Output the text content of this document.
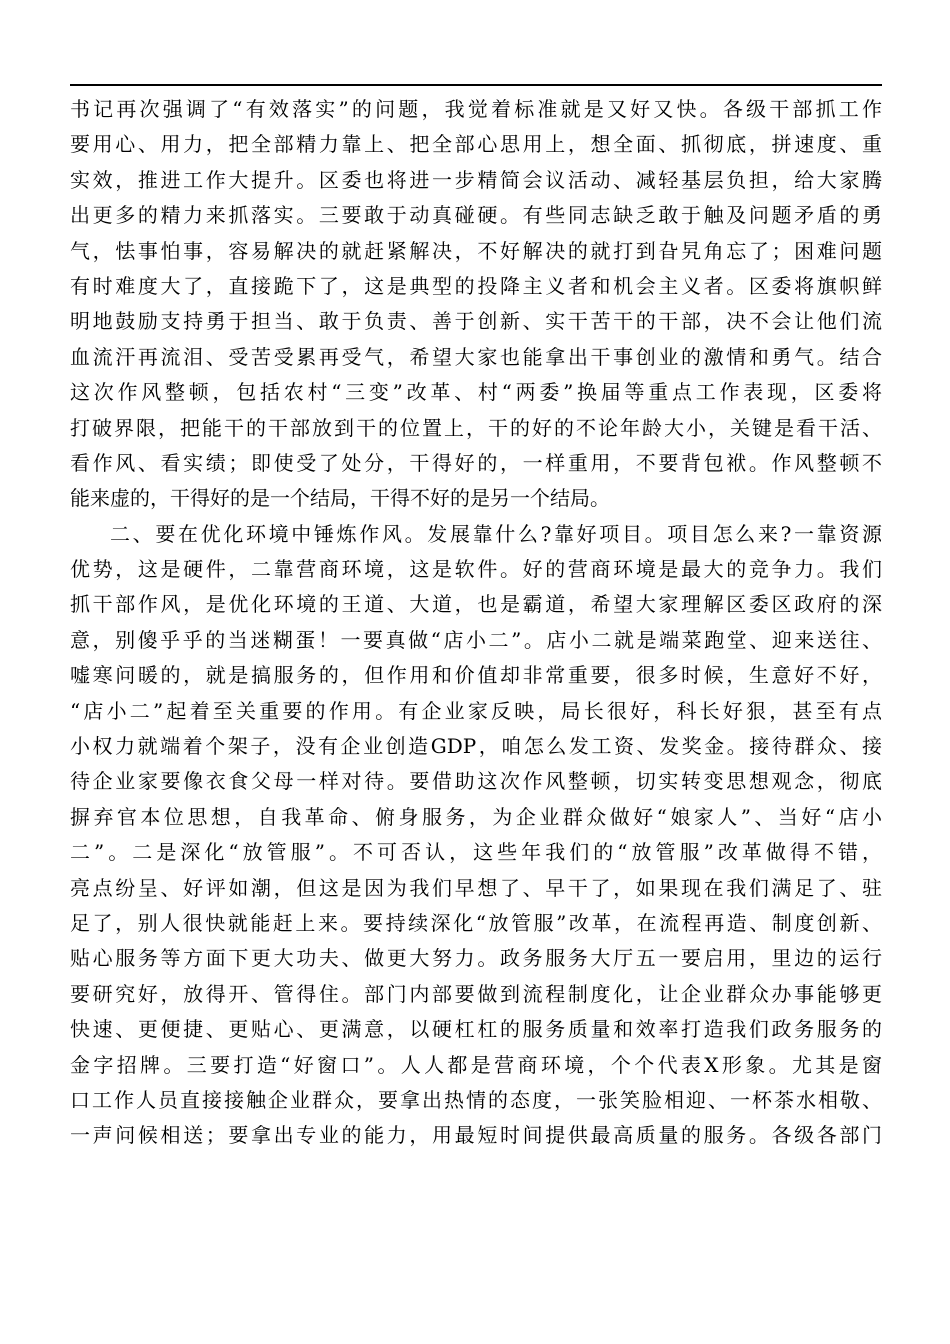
书记再次强调了“有效落实”的问题，我觉着标准就是又好又快。各级干部抓工作
要用心、用力，把全部精力靠上、把全部心思用上，想全面、抓彻底，拼速度、重
实效，推进工作大提升。区委也将进一步精简会议活动、减轻基层负担，给大家腾
出更多的精力来抓落实。三要敢于动真碰硬。有些同志缺乏敢于触及问题矛盾的勇
气，怯事怕事，容易解决的就赶紧解决，不好解决的就打到旮旯角忘了；困难问题
有时难度大了，直接跪下了，这是典型的投降主义者和机会主义者。区委将旗帜鲜
明地鼓励支持勇于担当、敢于负责、善于创新、实干苦干的干部，决不会让他们流
血流汗再流泪、受苦受累再受气，希望大家也能拿出干事创业的激情和勇气。结合
这次作风整顿，包括农村“三变”改革、村“两委”换届等重点工作表现，区委将
打破界限，把能干的干部放到干的位置上，干的好的不论年龄大小，关键是看干活、
看作风、看实绩；即使受了处分，干得好的，一样重用，不要背包袱。作风整顿不
能来虚的，干得好的是一个结局，干得不好的是另一个结局。
二、要在优化环境中锤炼作风。发展靠什么?靠好项目。项目怎么来?一靠资源
优势，这是硬件，二靠营商环境，这是软件。好的营商环境是最大的竞争力。我们
抓干部作风，是优化环境的王道、大道，也是霸道，希望大家理解区委区政府的深
意，别傻乎乎的当迷糊蛋！一要真做“店小二”。店小二就是端菜跑堂、迎来送往、
嘘寒问暖的，就是搞服务的，但作用和价值却非常重要，很多时候，生意好不好，
“店小二”起着至关重要的作用。有企业家反映，局长很好，科长好狠，甚至有点
小权力就端着个架子，没有企业创造GDP，咱怎么发工资、发奖金。接待群众、接
待企业家要像衣食父母一样对待。要借助这次作风整顿，切实转变思想观念，彻底
摒弃官本位思想，自我革命、俯身服务，为企业群众做好“娘家人”、当好“店小
二”。二是深化“放管服”。不可否认，这些年我们的“放管服”改革做得不错，
亮点纷呈、好评如潮，但这是因为我们早想了、早干了，如果现在我们满足了、驻
足了，别人很快就能赶上来。要持续深化“放管服”改革，在流程再造、制度创新、
贴心服务等方面下更大功夫、做更大努力。政务服务大厅五一要启用，里边的运行
要研究好，放得开、管得住。部门内部要做到流程制度化，让企业群众办事能够更
快速、更便捷、更贴心、更满意，以硬杠杠的服务质量和效率打造我们政务服务的
金字招牌。三要打造“好窗口”。人人都是营商环境，个个代表X形象。尤其是窗
口工作人员直接接触企业群众，要拿出热情的态度，一张笑脸相迎、一杯茶水相敬、
一声问候相送；要拿出专业的能力，用最短时间提供最高质量的服务。各级各部门
